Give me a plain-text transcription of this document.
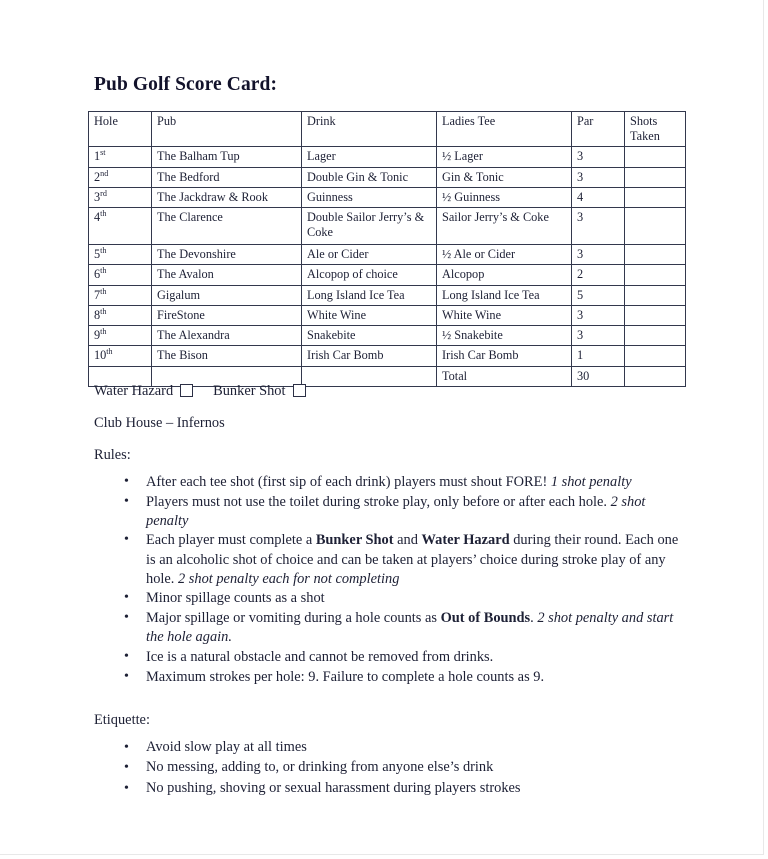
Pub Golf Score Card:
Hole	Pub	Drink	Ladies Tee	Par	Shots
Taken

1st	The Balham Tup	Lager	½ Lager	3	
2nd	The Bedford	Double Gin & Tonic	Gin & Tonic	3	
3rd	The Jackdraw & Rook	Guinness	½ Guinness	4	
4th	The Clarence	Double Sailor Jerry’s & Coke	Sailor Jerry’s & Coke	3	
5th	The Devonshire	Ale or Cider	½ Ale or Cider	3	
6th	The Avalon	Alcopop of choice	Alcopop	2	
7th	Gigalum	Long Island Ice Tea	Long Island Ice Tea	5	
8th	FireStone	White Wine	White Wine	3	
9th	The Alexandra	Snakebite	½ Snakebite	3	
10th	The Bison	Irish Car Bomb	Irish Car Bomb	1	
			Total	30	
Water Hazard	Bunker Shot
Club House – Infernos
Rules:
• After each tee shot (first sip of each drink) players must shout FORE! 1 shot penalty
• Players must not use the toilet during stroke play, only before or after each hole. 2 shot penalty
• Each player must complete a Bunker Shot and Water Hazard during their round. Each one is an alcoholic shot of choice and can be taken at players’ choice during stroke play of any hole. 2 shot penalty each for not completing
• Minor spillage counts as a shot
• Major spillage or vomiting during a hole counts as Out of Bounds. 2 shot penalty and start the hole again.
• Ice is a natural obstacle and cannot be removed from drinks.
• Maximum strokes per hole: 9. Failure to complete a hole counts as 9.
Etiquette:
• Avoid slow play at all times
• No messing, adding to, or drinking from anyone else’s drink
• No pushing, shoving or sexual harassment during players strokes
